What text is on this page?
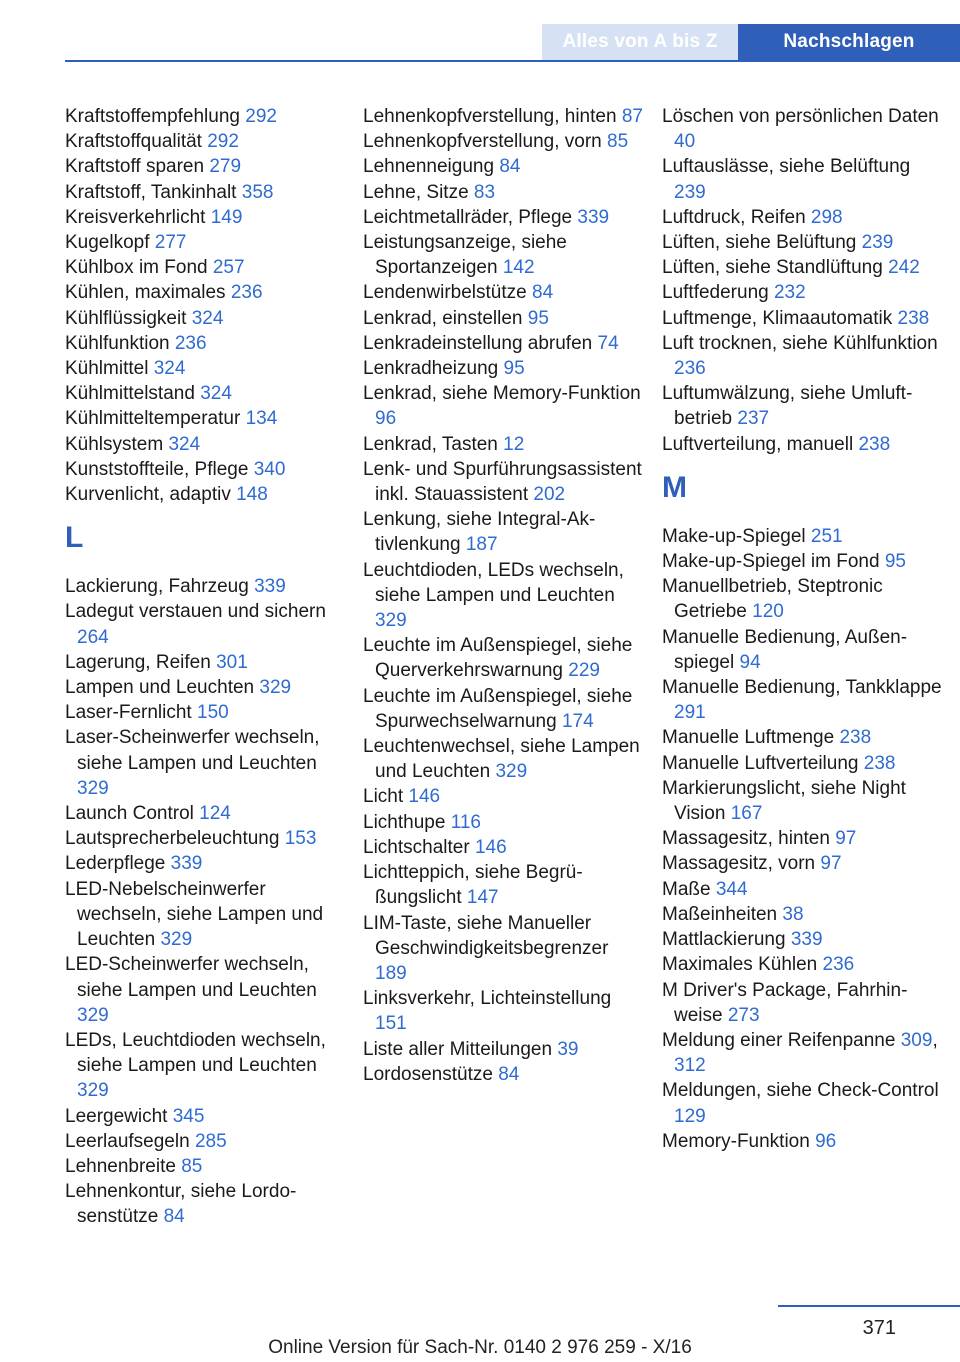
Alles von A bis Z	Nachschlagen
Kraftstoffempfehlung 292
Kraftstoffqualität 292
Kraftstoff sparen 279
Kraftstoff, Tankinhalt 358
Kreisverkehrlicht 149
Kugelkopf 277
Kühlbox im Fond 257
Kühlen, maximales 236
Kühlflüssigkeit 324
Kühlfunktion 236
Kühlmittel 324
Kühlmittelstand 324
Kühlmitteltemperatur 134
Kühlsystem 324
Kunststoffteile, Pflege 340
Kurvenlicht, adaptiv 148
L
Lackierung, Fahrzeug 339
Ladegut verstauen und sichern 264
Lagerung, Reifen 301
Lampen und Leuchten 329
Laser-Fernlicht 150
Laser-Scheinwerfer wechseln, siehe Lampen und Leuchten 329
Launch Control 124
Lautsprecherbeleuchtung 153
Lederpflege 339
LED-Nebelscheinwerfer wechseln, siehe Lampen und Leuchten 329
LED-Scheinwerfer wechseln, siehe Lampen und Leuchten 329
LEDs, Leuchtdioden wechseln, siehe Lampen und Leuchten 329
Leergewicht 345
Leerlaufsegeln 285
Lehnenbreite 85
Lehnenkontur, siehe Lordosenstütze 84
Lehnenkopfverstellung, hinten 87
Lehnenkopfverstellung, vorn 85
Lehnenneigung 84
Lehne, Sitze 83
Leichtmetallräder, Pflege 339
Leistungsanzeige, siehe Sportanzeigen 142
Lendenwirbelstütze 84
Lenkrad, einstellen 95
Lenkradeinstellung abrufen 74
Lenkradheizung 95
Lenkrad, siehe Memory-Funktion 96
Lenkrad, Tasten 12
Lenk- und Spurführungsassistent inkl. Stauassistent 202
Lenkung, siehe Integral-Aktivlenkung 187
Leuchtdioden, LEDs wechseln, siehe Lampen und Leuchten 329
Leuchte im Außenspiegel, siehe Querverkehrswarnung 229
Leuchte im Außenspiegel, siehe Spurwechselwarnung 174
Leuchtenwechsel, siehe Lampen und Leuchten 329
Licht 146
Lichthupe 116
Lichtschalter 146
Lichtteppich, siehe Begrüßungslicht 147
LIM-Taste, siehe Manueller Geschwindigkeitsbegrenzer 189
Linksverkehr, Lichteinstellung 151
Liste aller Mitteilungen 39
Lordosenstütze 84
Löschen von persönlichen Daten 40
Luftauslässe, siehe Belüftung 239
Luftdruck, Reifen 298
Lüften, siehe Belüftung 239
Lüften, siehe Standlüftung 242
Luftfederung 232
Luftmenge, Klimaautomatik 238
Luft trocknen, siehe Kühlfunktion 236
Luftumwälzung, siehe Umluftbetrieb 237
Luftverteilung, manuell 238
M
Make-up-Spiegel 251
Make-up-Spiegel im Fond 95
Manuellbetrieb, Steptronic Getriebe 120
Manuelle Bedienung, Außenspiegel 94
Manuelle Bedienung, Tankklappe 291
Manuelle Luftmenge 238
Manuelle Luftverteilung 238
Markierungslicht, siehe Night Vision 167
Massagesitz, hinten 97
Massagesitz, vorn 97
Maße 344
Maßeinheiten 38
Mattlackierung 339
Maximales Kühlen 236
M Driver's Package, Fahrhinweise 273
Meldung einer Reifenpanne 309, 312
Meldungen, siehe Check-Control 129
Memory-Funktion 96
371
Online Version für Sach-Nr. 0140 2 976 259 - X/16
